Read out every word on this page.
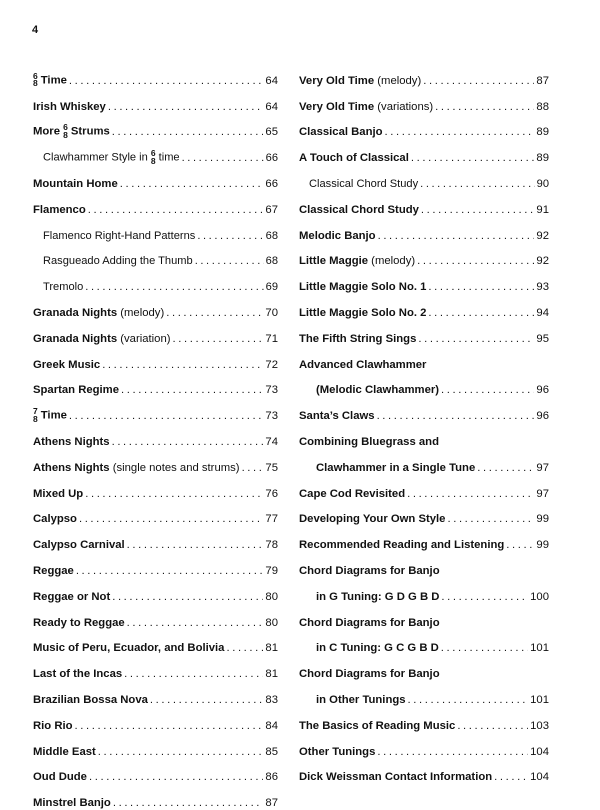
4
6
8 Time .....	64
Irish Whiskey .....	64
More 6
8 Strums .....	65
Clawhammer Style in 6
8 time .....	66
Mountain Home .....	66
Flamenco .....	67
Flamenco Right-Hand Patterns .....	68
Rasgueado Adding the Thumb .....	68
Tremolo .....	69
Granada Nights (melody) .....	70
Granada Nights (variation) .....	71
Greek Music .....	72
Spartan Regime .....	73
7
8 Time .....	73
Athens Nights .....	74
Athens Nights (single notes and strums) ..... 75
Mixed Up .....	76
Calypso .....	77
Calypso Carnival .....	78
Reggae .....	79
Reggae or Not .....	80
Ready to Reggae .....	80
Music of Peru, Ecuador, and Bolivia .....	81
Last of the Incas .....	81
Brazilian Bossa Nova .....	83
Rio Rio .....	84
Middle East .....	85
Oud Dude .....	86
Minstrel Banjo .....	87
Very Old Time (melody) .....	87
Very Old Time (variations) .....	88
Classical Banjo .....	89
A Touch of Classical .....	89
Classical Chord Study .....	90
Classical Chord Study .....	91
Melodic Banjo .....	92
Little Maggie (melody) .....	92
Little Maggie Solo No. 1 .....	93
Little Maggie Solo No. 2 .....	94
The Fifth String Sings .....	95
Advanced Clawhammer
(Melodic Clawhammer) .....	96
Santa’s Claws .....	96
Combining Bluegrass and
Clawhammer in a Single Tune .....	97
Cape Cod Revisited .....	97
Developing Your Own Style .....	99
Recommended Reading and Listening .....	99
Chord Diagrams for Banjo
in G Tuning: G D G B D .....	100
Chord Diagrams for Banjo
in C Tuning: G C G B D .....	101
Chord Diagrams for Banjo
in Other Tunings .....	101
The Basics of Reading Music .....	103
Other Tunings .....	104
Dick Weissman Contact Information .....	104
